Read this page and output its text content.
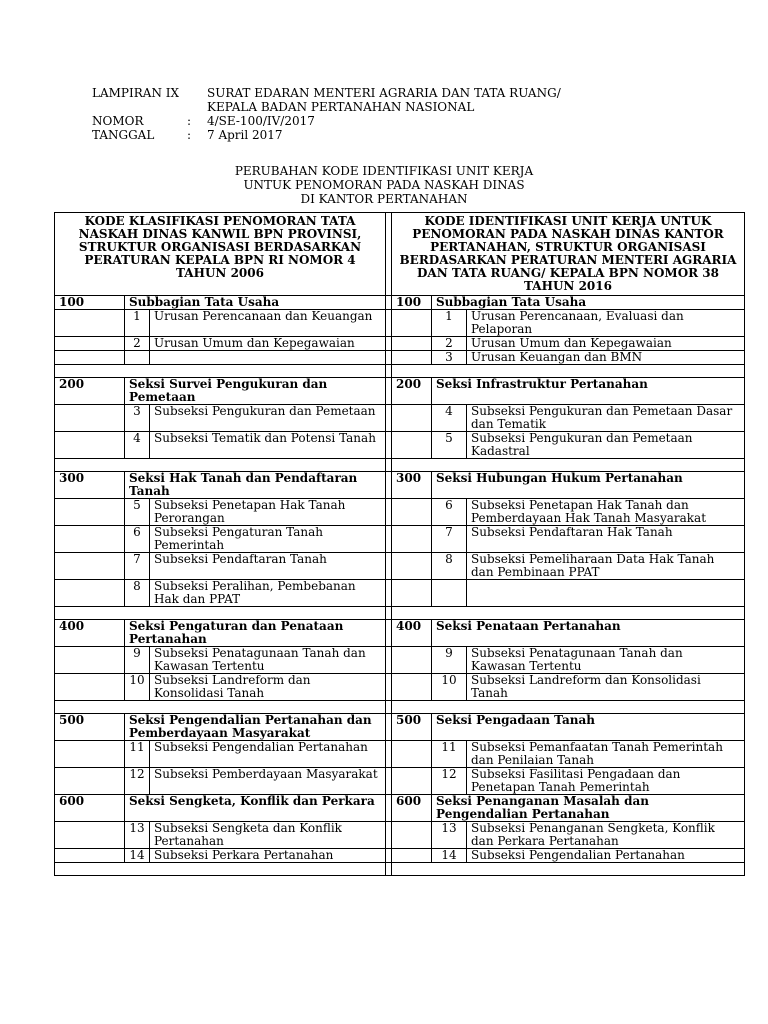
LAMPIRAN IX	SURAT EDARAN MENTERI AGRARIA DAN TATA RUANG/
KEPALA BADAN PERTANAHAN NASIONAL
NOMOR	:	4/SE-100/IV/2017
TANGGAL	:	7 April 2017
PERUBAHAN KODE IDENTIFIKASI UNIT KERJA
UNTUK PENOMORAN PADA NASKAH DINAS
DI KANTOR PERTANAHAN
KODE KLASIFIKASI PENOMORAN TATA NASKAH DINAS KANWIL BPN PROVINSI, STRUKTUR ORGANISASI BERDASARKAN PERATURAN KEPALA BPN RI NOMOR 4 TAHUN 2006				KODE IDENTIFIKASI UNIT KERJA UNTUK PENOMORAN PADA NASKAH DINAS KANTOR PERTANAHAN, STRUKTUR ORGANISASI BERDASARKAN PERATURAN MENTERI AGRARIA DAN TATA RUANG/ KEPALA BPN NOMOR 38 TAHUN 2016		
100	Subbagian Tata Usaha			100	Subbagian Tata Usaha	
	1	Urusan Perencanaan dan Keuangan			1	Urusan Perencanaan, Evaluasi dan Pelaporan
	2	Urusan Umum dan Kepegawaian			2	Urusan Umum dan Kepegawaian
					3	Urusan Keuangan dan BMN

200	Seksi Survei Pengukuran dan Pemetaan			200	Seksi Infrastruktur Pertanahan	
	3	Subseksi Pengukuran dan Pemetaan			4	Subseksi Pengukuran dan Pemetaan Dasar dan Tematik
	4	Subseksi Tematik dan Potensi Tanah			5	Subseksi Pengukuran dan Pemetaan Kadastral

300	Seksi Hak Tanah dan Pendaftaran Tanah			300	Seksi Hubungan Hukum Pertanahan	
	5	Subseksi Penetapan Hak Tanah Perorangan			6	Subseksi Penetapan Hak Tanah dan Pemberdayaan Hak Tanah Masyarakat
	6	Subseksi Pengaturan Tanah Pemerintah			7	Subseksi Pendaftaran Hak Tanah
	7	Subseksi Pendaftaran Tanah			8	Subseksi Pemeliharaan Data Hak Tanah dan Pembinaan PPAT
	8	Subseksi Peralihan, Pembebanan Hak dan PPAT				

400	Seksi Pengaturan dan Penataan Pertanahan			400	Seksi Penataan Pertanahan	
	9	Subseksi Penatagunaan Tanah dan Kawasan Tertentu			9	Subseksi Penatagunaan Tanah dan Kawasan Tertentu
	10	Subseksi Landreform dan Konsolidasi Tanah			10	Subseksi Landreform dan Konsolidasi Tanah

500	Seksi Pengendalian Pertanahan dan Pemberdayaan Masyarakat			500	Seksi Pengadaan Tanah	
	11	Subseksi Pengendalian Pertanahan			11	Subseksi Pemanfaatan Tanah Pemerintah dan Penilaian Tanah
	12	Subseksi Pemberdayaan Masyarakat			12	Subseksi Fasilitasi Pengadaan dan Penetapan Tanah Pemerintah
600	Seksi Sengketa, Konflik dan Perkara			600	Seksi Penanganan Masalah dan Pengendalian Pertanahan	
	13	Subseksi Sengketa dan Konflik Pertanahan			13	Subseksi Penanganan Sengketa, Konflik dan Perkara Pertanahan
	14	Subseksi Perkara Pertanahan			14	Subseksi Pengendalian Pertanahan
